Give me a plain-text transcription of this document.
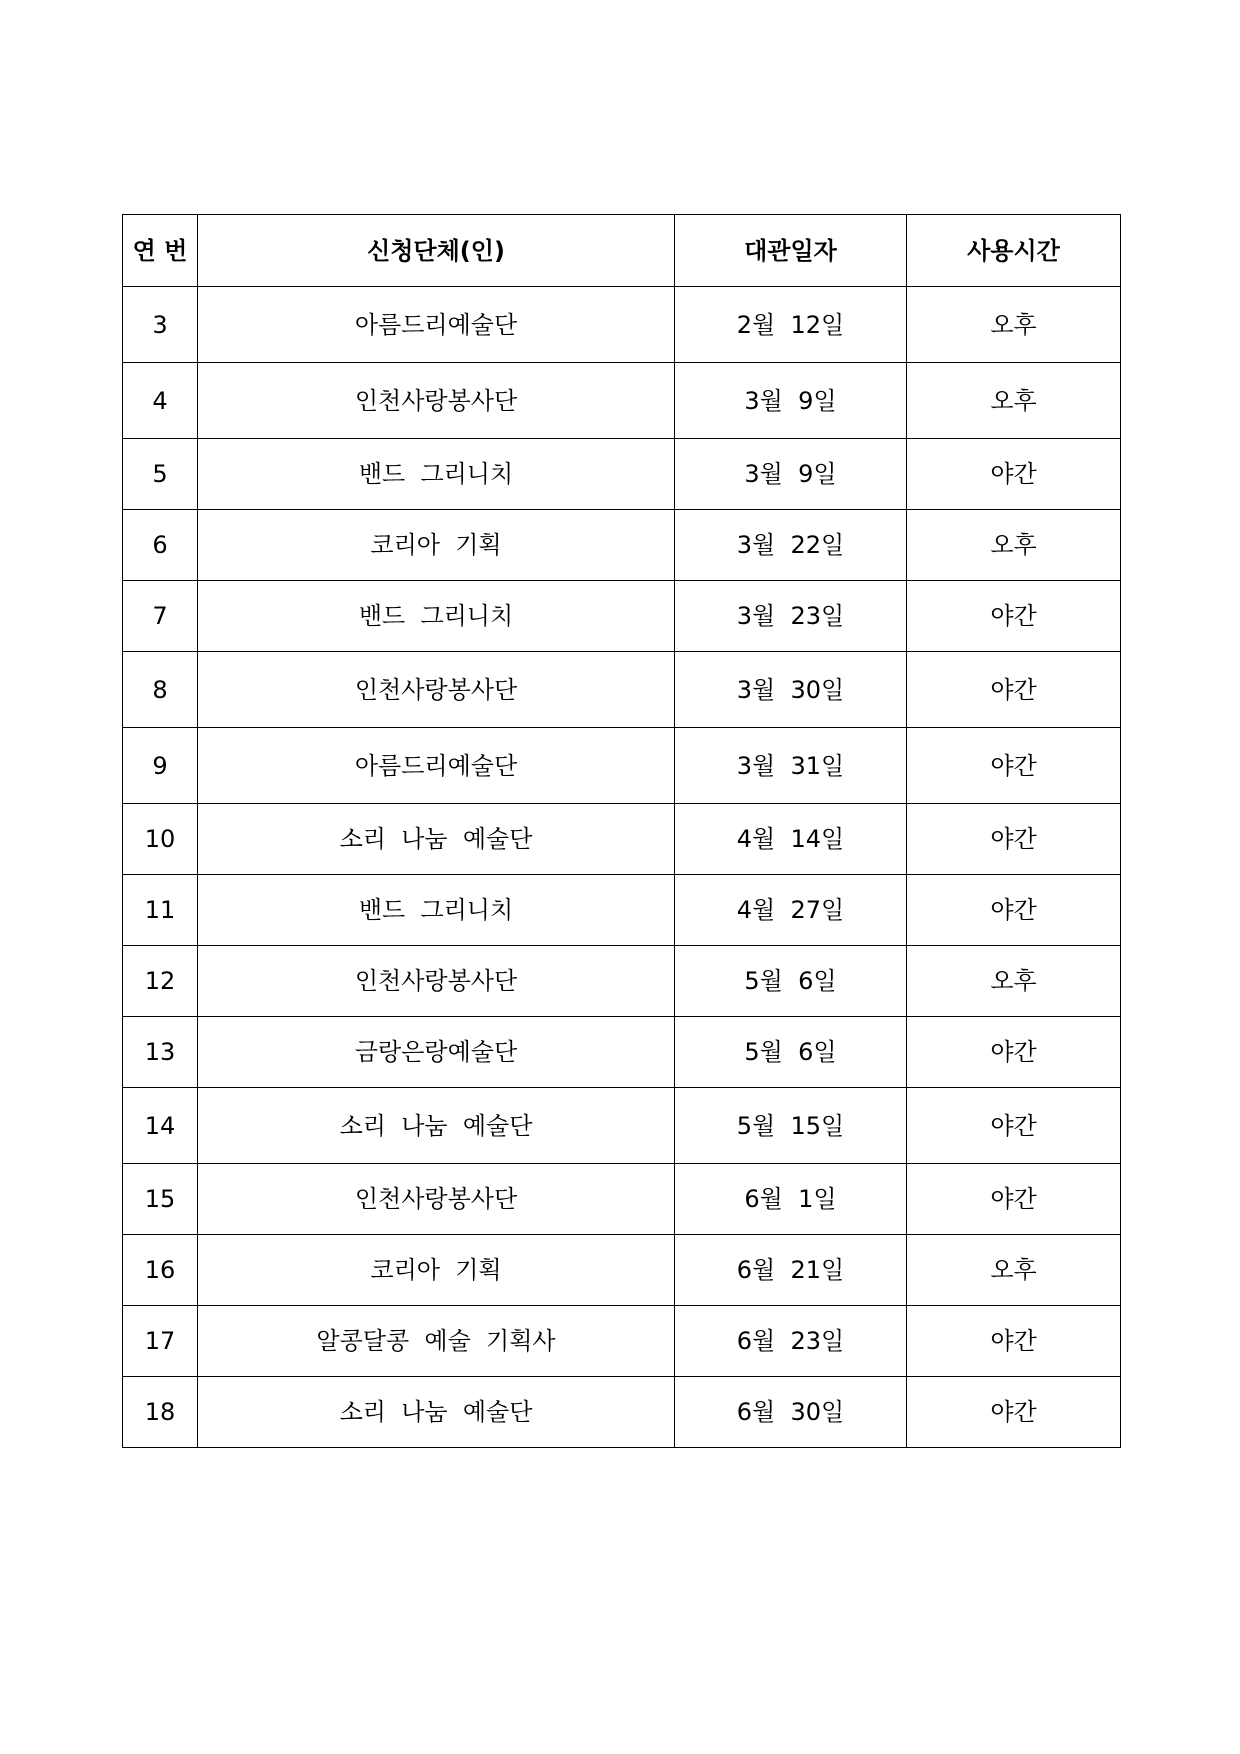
연 번	신청단체(인)	대관일자	사용시간
3	아름드리예술단	2월  12일	오후
4	인천사랑봉사단	3월  9일	오후
5	밴드  그리니치	3월  9일	야간
6	코리아  기획	3월  22일	오후
7	밴드  그리니치	3월  23일	야간
8	인천사랑봉사단	3월  30일	야간
9	아름드리예술단	3월  31일	야간
10	소리  나눔  예술단	4월  14일	야간
11	밴드  그리니치	4월  27일	야간
12	인천사랑봉사단	5월  6일	오후
13	금랑은랑예술단	5월  6일	야간
14	소리  나눔  예술단	5월  15일	야간
15	인천사랑봉사단	6월  1일	야간
16	코리아  기획	6월  21일	오후
17	알콩달콩  예술  기획사	6월  23일	야간
18	소리  나눔  예술단	6월  30일	야간
